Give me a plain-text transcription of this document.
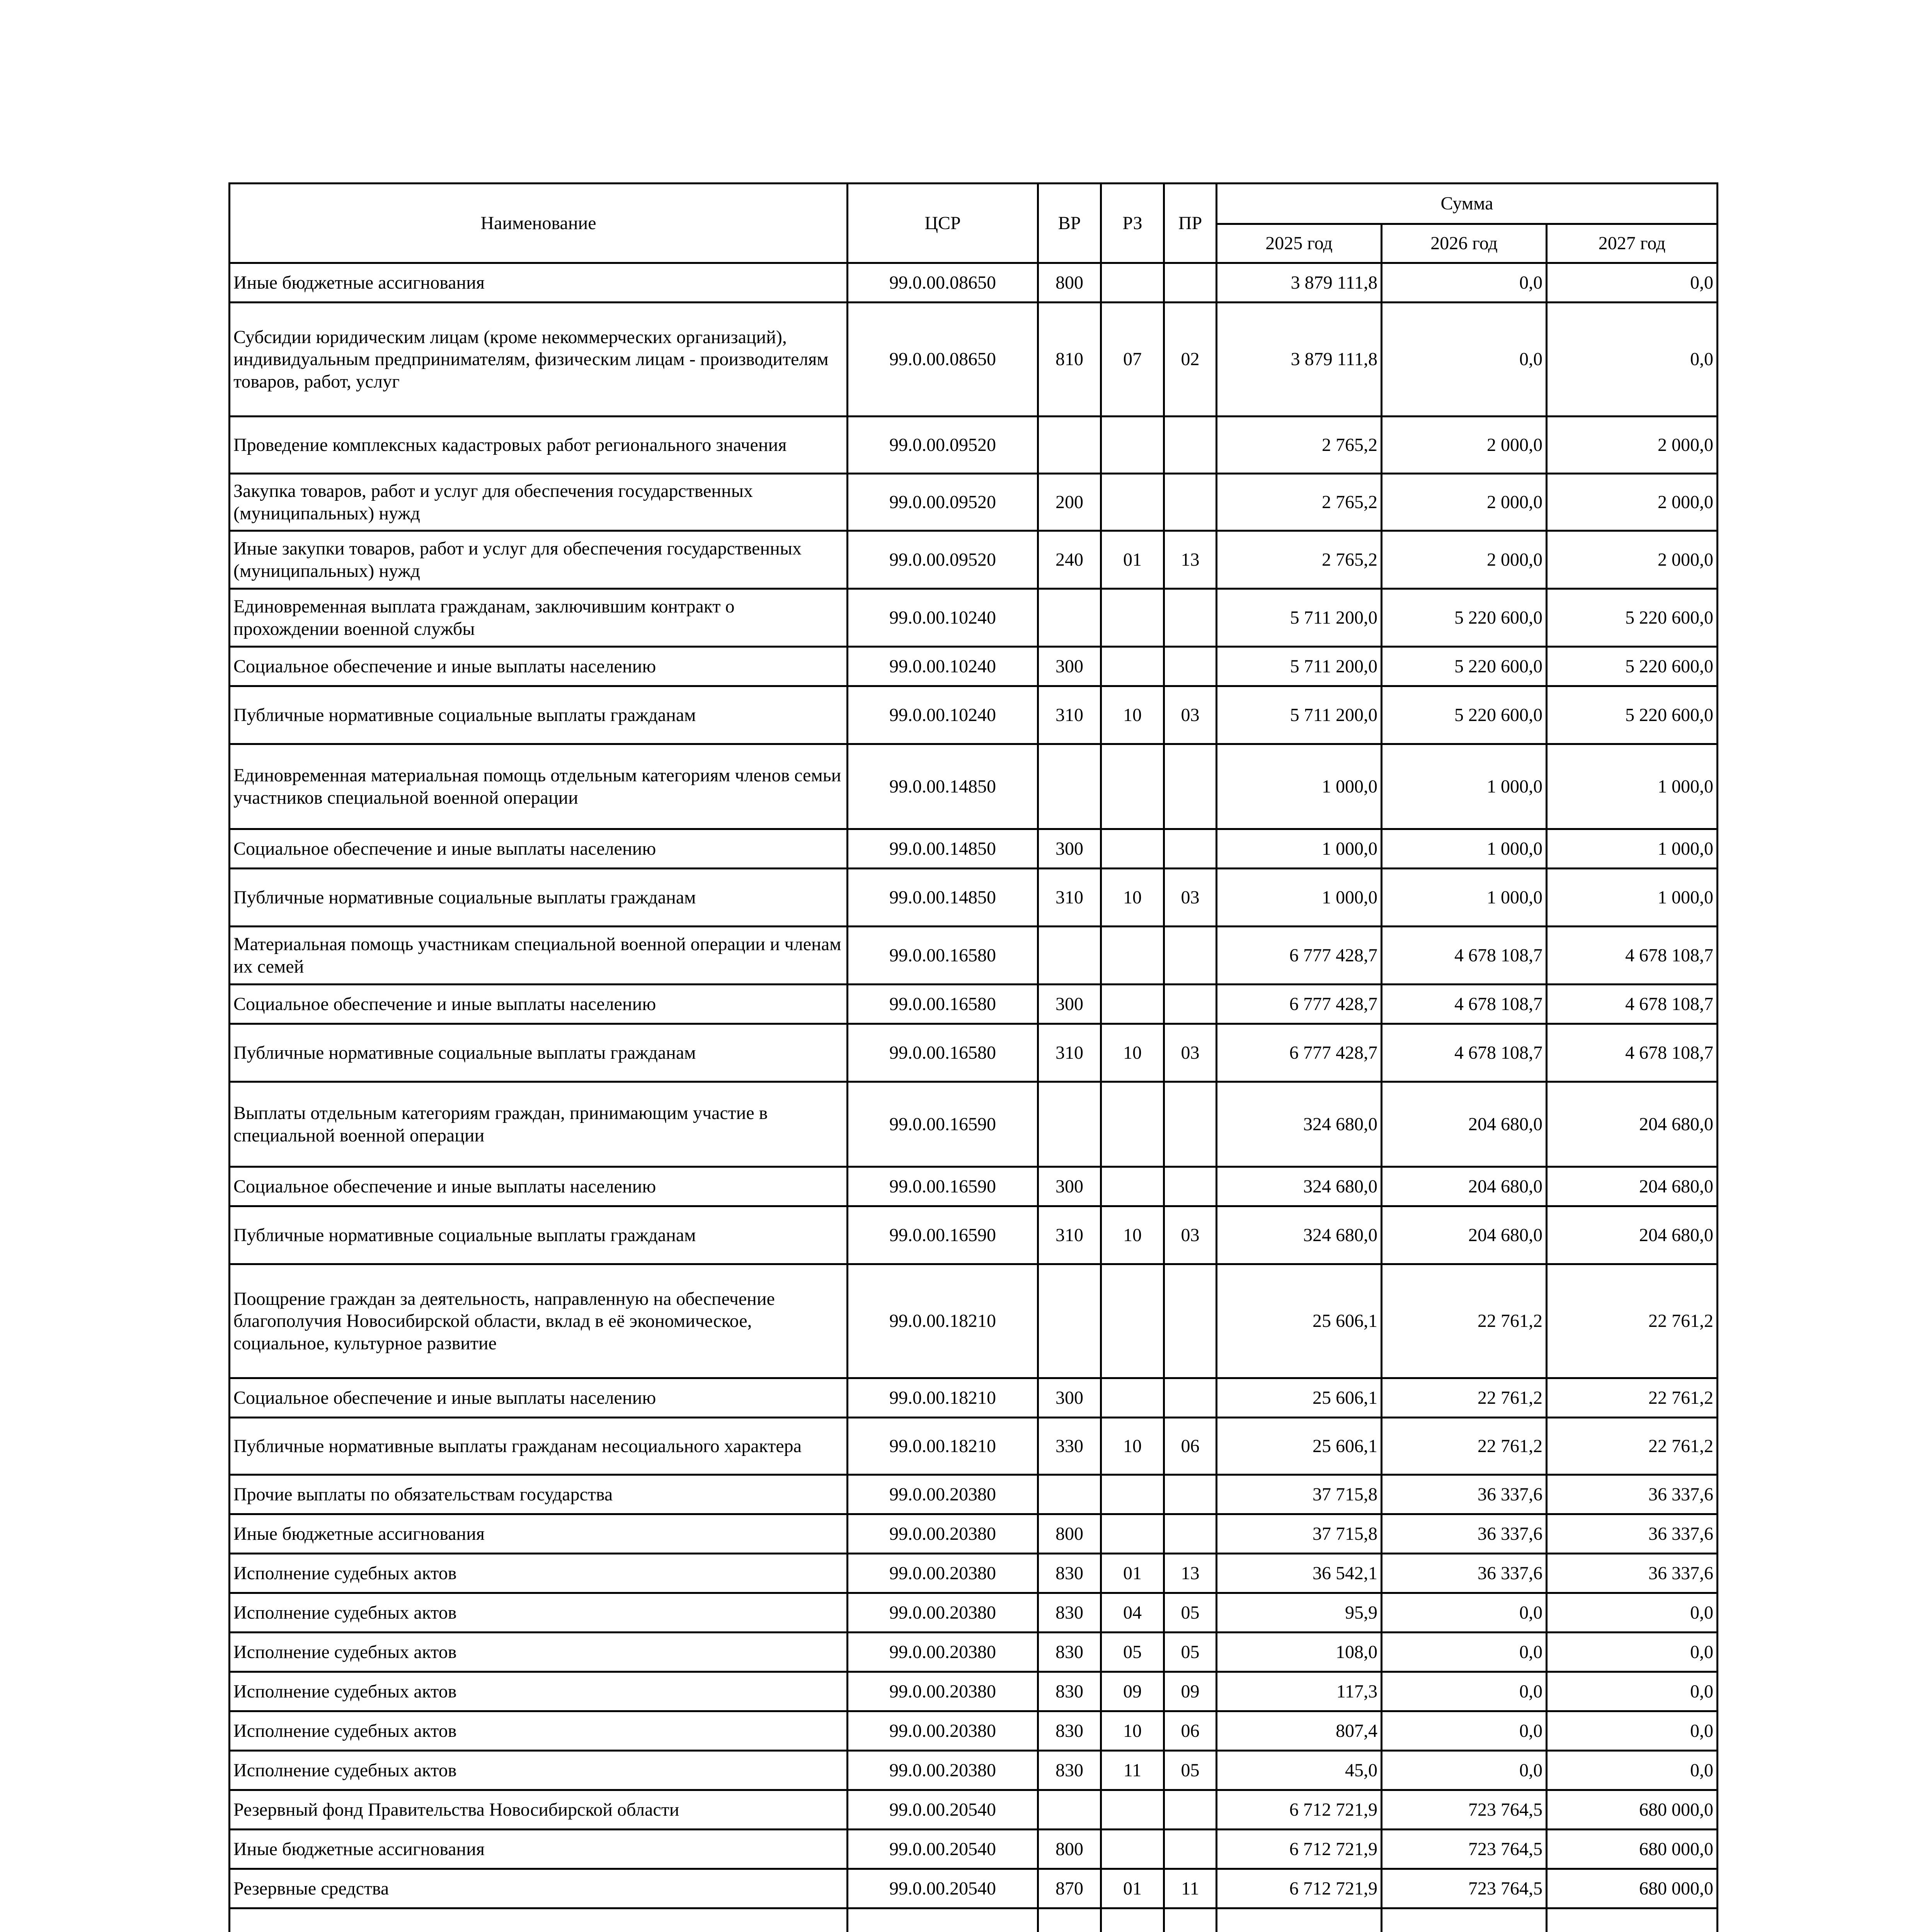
Наименование	ЦСР	ВР	РЗ	ПР	Сумма		
					2025 год	2026 год	2027 год
Иные бюджетные ассигнования	99.0.00.08650	800			3 879 111,8	0,0	0,0
Субсидии юридическим лицам (кроме некоммерческих организаций), индивидуальным предпринимателям, физическим лицам - производителям товаров, работ, услуг	99.0.00.08650	810	07	02	3 879 111,8	0,0	0,0
Проведение комплексных кадастровых работ регионального значения	99.0.00.09520				2 765,2	2 000,0	2 000,0
Закупка товаров, работ и услуг для обеспечения государственных (муниципальных) нужд	99.0.00.09520	200			2 765,2	2 000,0	2 000,0
Иные закупки товаров, работ и услуг для обеспечения государственных (муниципальных) нужд	99.0.00.09520	240	01	13	2 765,2	2 000,0	2 000,0
Единовременная выплата гражданам, заключившим контракт о прохождении военной службы	99.0.00.10240				5 711 200,0	5 220 600,0	5 220 600,0
Социальное обеспечение и иные выплаты населению	99.0.00.10240	300			5 711 200,0	5 220 600,0	5 220 600,0
Публичные нормативные социальные выплаты гражданам	99.0.00.10240	310	10	03	5 711 200,0	5 220 600,0	5 220 600,0
Единовременная материальная помощь отдельным категориям членов семьи участников специальной военной операции	99.0.00.14850				1 000,0	1 000,0	1 000,0
Социальное обеспечение и иные выплаты населению	99.0.00.14850	300			1 000,0	1 000,0	1 000,0
Публичные нормативные социальные выплаты гражданам	99.0.00.14850	310	10	03	1 000,0	1 000,0	1 000,0
Материальная помощь участникам специальной военной операции и членам их семей	99.0.00.16580				6 777 428,7	4 678 108,7	4 678 108,7
Социальное обеспечение и иные выплаты населению	99.0.00.16580	300			6 777 428,7	4 678 108,7	4 678 108,7
Публичные нормативные социальные выплаты гражданам	99.0.00.16580	310	10	03	6 777 428,7	4 678 108,7	4 678 108,7
Выплаты отдельным категориям граждан, принимающим участие в специальной военной операции	99.0.00.16590				324 680,0	204 680,0	204 680,0
Социальное обеспечение и иные выплаты населению	99.0.00.16590	300			324 680,0	204 680,0	204 680,0
Публичные нормативные социальные выплаты гражданам	99.0.00.16590	310	10	03	324 680,0	204 680,0	204 680,0
Поощрение граждан за деятельность, направленную на обеспечение благополучия Новосибирской области, вклад в её экономическое, социальное, культурное развитие	99.0.00.18210				25 606,1	22 761,2	22 761,2
Социальное обеспечение и иные выплаты населению	99.0.00.18210	300			25 606,1	22 761,2	22 761,2
Публичные нормативные выплаты гражданам несоциального характера	99.0.00.18210	330	10	06	25 606,1	22 761,2	22 761,2
Прочие выплаты по обязательствам государства	99.0.00.20380				37 715,8	36 337,6	36 337,6
Иные бюджетные ассигнования	99.0.00.20380	800			37 715,8	36 337,6	36 337,6
Исполнение судебных актов	99.0.00.20380	830	01	13	36 542,1	36 337,6	36 337,6
Исполнение судебных актов	99.0.00.20380	830	04	05	95,9	0,0	0,0
Исполнение судебных актов	99.0.00.20380	830	05	05	108,0	0,0	0,0
Исполнение судебных актов	99.0.00.20380	830	09	09	117,3	0,0	0,0
Исполнение судебных актов	99.0.00.20380	830	10	06	807,4	0,0	0,0
Исполнение судебных актов	99.0.00.20380	830	11	05	45,0	0,0	0,0
Резервный фонд Правительства Новосибирской области	99.0.00.20540				6 712 721,9	723 764,5	680 000,0
Иные бюджетные ассигнования	99.0.00.20540	800			6 712 721,9	723 764,5	680 000,0
Резервные средства	99.0.00.20540	870	01	11	6 712 721,9	723 764,5	680 000,0
